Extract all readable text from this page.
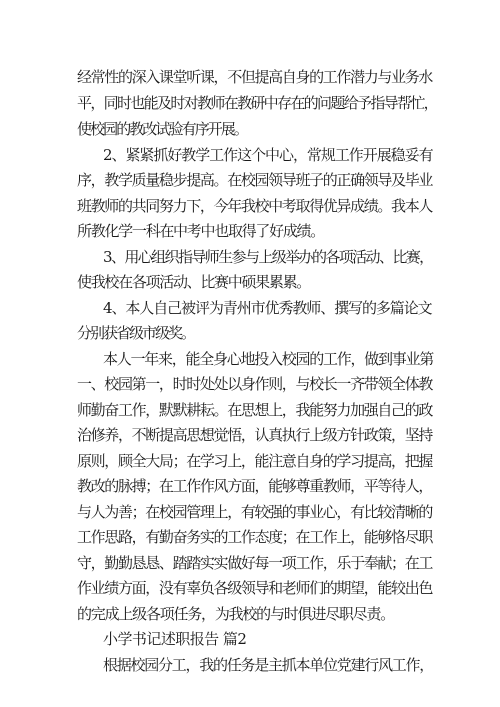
经常性的深入课堂听课，不但提高自身的工作潜力与业务水
平，同时也能及时对教师在教研中存在的问题给予指导帮忙，
使校园的教改试验有序开展。
2、紧紧抓好教学工作这个中心，常规工作开展稳妥有
序，教学质量稳步提高。在校园领导班子的正确领导及毕业
班教师的共同努力下，今年我校中考取得优异成绩。我本人
所教化学一科在中考中也取得了好成绩。
3、用心组织指导师生参与上级举办的各项活动、比赛，
使我校在各项活动、比赛中硕果累累。
4、本人自己被评为青州市优秀教师、撰写的多篇论文
分别获省级市级奖。
本人一年来，能全身心地投入校园的工作，做到事业第
一、校园第一，时时处处以身作则，与校长一齐带领全体教
师勤奋工作，默默耕耘。在思想上，我能努力加强自己的政
治修养，不断提高思想觉悟，认真执行上级方针政策，坚持
原则，顾全大局；在学习上，能注意自身的学习提高，把握
教改的脉搏；在工作作风方面，能够尊重教师，平等待人，
与人为善；在校园管理上，有较强的事业心，有比较清晰的
工作思路，有勤奋务实的工作态度；在工作上，能够恪尽职
守，勤勤恳恳、踏踏实实做好每一项工作，乐于奉献；在工
作业绩方面，没有辜负各级领导和老师们的期望，能较出色
的完成上级各项任务，为我校的与时俱进尽职尽责。
小学书记述职报告 篇2
根据校园分工，我的任务是主抓本单位党建行风工作，
